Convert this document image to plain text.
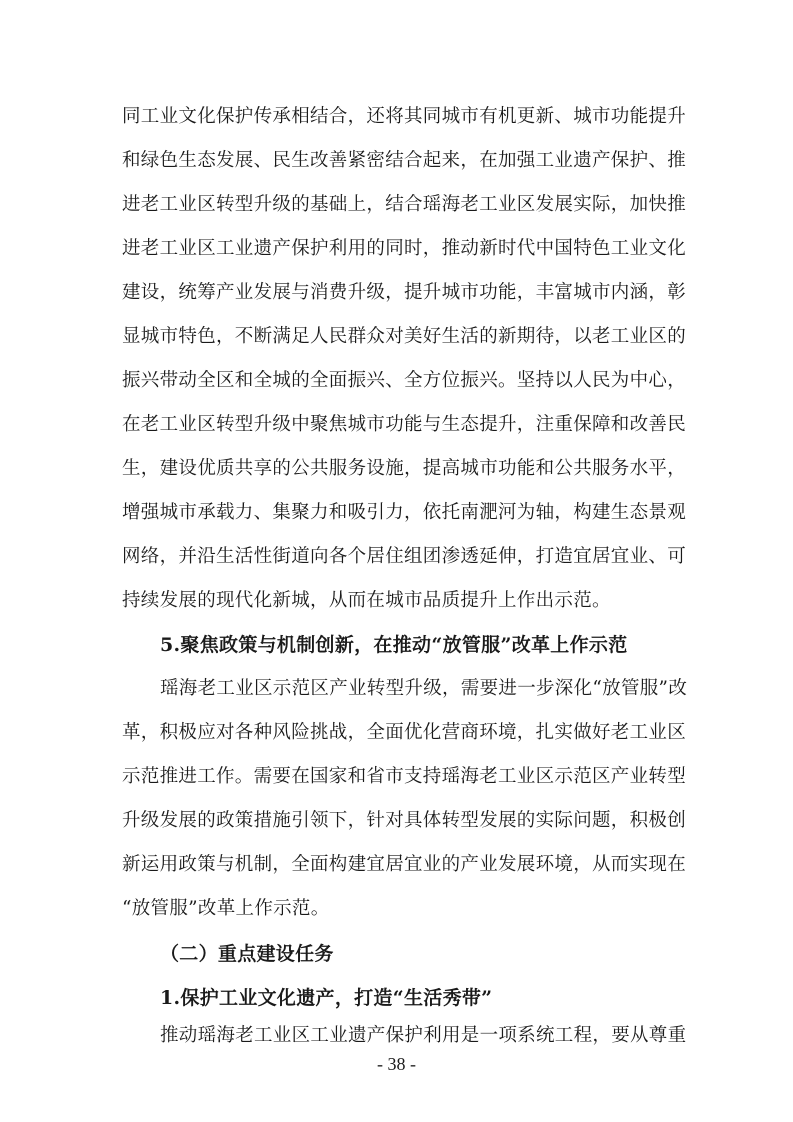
同工业文化保护传承相结合，还将其同城市有机更新、城市功能提升
和绿色生态发展、民生改善紧密结合起来，在加强工业遗产保护、推
进老工业区转型升级的基础上，结合瑶海老工业区发展实际，加快推
进老工业区工业遗产保护利用的同时，推动新时代中国特色工业文化
建设，统筹产业发展与消费升级，提升城市功能，丰富城市内涵，彰
显城市特色，不断满足人民群众对美好生活的新期待，以老工业区的
振兴带动全区和全城的全面振兴、全方位振兴。坚持以人民为中心，
在老工业区转型升级中聚焦城市功能与生态提升，注重保障和改善民
生，建设优质共享的公共服务设施，提高城市功能和公共服务水平，
增强城市承载力、集聚力和吸引力，依托南淝河为轴，构建生态景观
网络，并沿生活性街道向各个居住组团渗透延伸，打造宜居宜业、可
持续发展的现代化新城，从而在城市品质提升上作出示范。
5.聚焦政策与机制创新，在推动“放管服”改革上作示范
瑶海老工业区示范区产业转型升级，需要进一步深化“放管服”改
革，积极应对各种风险挑战，全面优化营商环境，扎实做好老工业区
示范推进工作。需要在国家和省市支持瑶海老工业区示范区产业转型
升级发展的政策措施引领下，针对具体转型发展的实际问题，积极创
新运用政策与机制，全面构建宜居宜业的产业发展环境，从而实现在
“放管服”改革上作示范。
（二）重点建设任务
1.保护工业文化遗产，打造“生活秀带”
推动瑶海老工业区工业遗产保护利用是一项系统工程，要从尊重
- 38 -
